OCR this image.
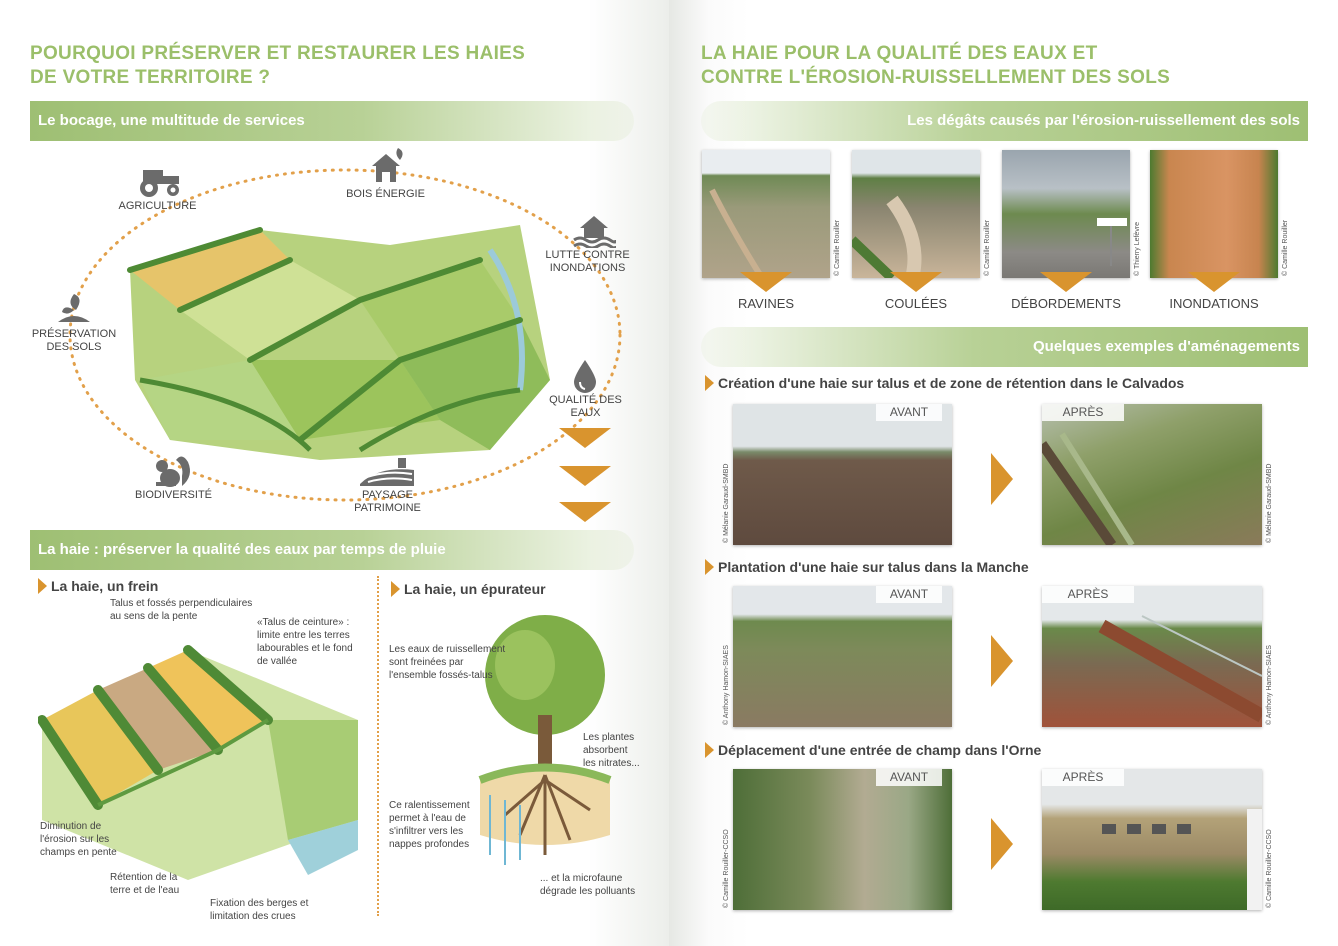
POURQUOI PRÉSERVER ET RESTAURER LES HAIES
DE VOTRE TERRITOIRE ?
Le bocage, une multitude de services
AGRICULTURE
BOIS ÉNERGIE
LUTTE CONTRE
INONDATIONS
PRÉSERVATION
DES SOLS
QUALITÉ DES
EAUX
BIODIVERSITÉ	PAYSAGE
PATRIMOINE
La haie : préserver la qualité des eaux par temps de pluie
La haie, un frein
Talus et fossés perpendiculaires
au sens de la pente
«Talus de ceinture» :
limite entre les terres
labourables et le fond
de vallée
Diminution de
l'érosion sur les
champs en pente
Rétention de la
terre et de l'eau
Fixation des berges et
limitation des crues
La haie, un épurateur
Les eaux de ruissellement
sont freinées par
l'ensemble fossés-talus
Les plantes
absorbent
les nitrates...
Ce ralentissement
permet à l'eau de
s'infiltrer vers les
nappes profondes
... et la microfaune
dégrade les polluants
LA HAIE POUR LA QUALITÉ DES EAUX ET
CONTRE L'ÉROSION-RUISSELLEMENT DES SOLS
Les dégâts causés par l'érosion-ruissellement des sols
© Camille Rouiller
RAVINES
© Camille Rouiller
COULÉES
© Thierry Lefèvre
DÉBORDEMENTS
© Camille Rouiller
INONDATIONS
Quelques exemples d'aménagements
Création d'une haie sur talus et de zone de rétention dans le Calvados
AVANT
© Mélanie Garaud-SMBD
APRÈS
© Mélanie Garaud-SMBD
Plantation d'une haie sur talus dans la Manche
AVANT
© Anthony Hamon-SIAES
APRÈS
© Anthony Hamon-SIAES
Déplacement d'une entrée de champ dans l'Orne
AVANT
© Camille Rouiller-CCSO
APRÈS
© Camille Rouiller-CCSO
